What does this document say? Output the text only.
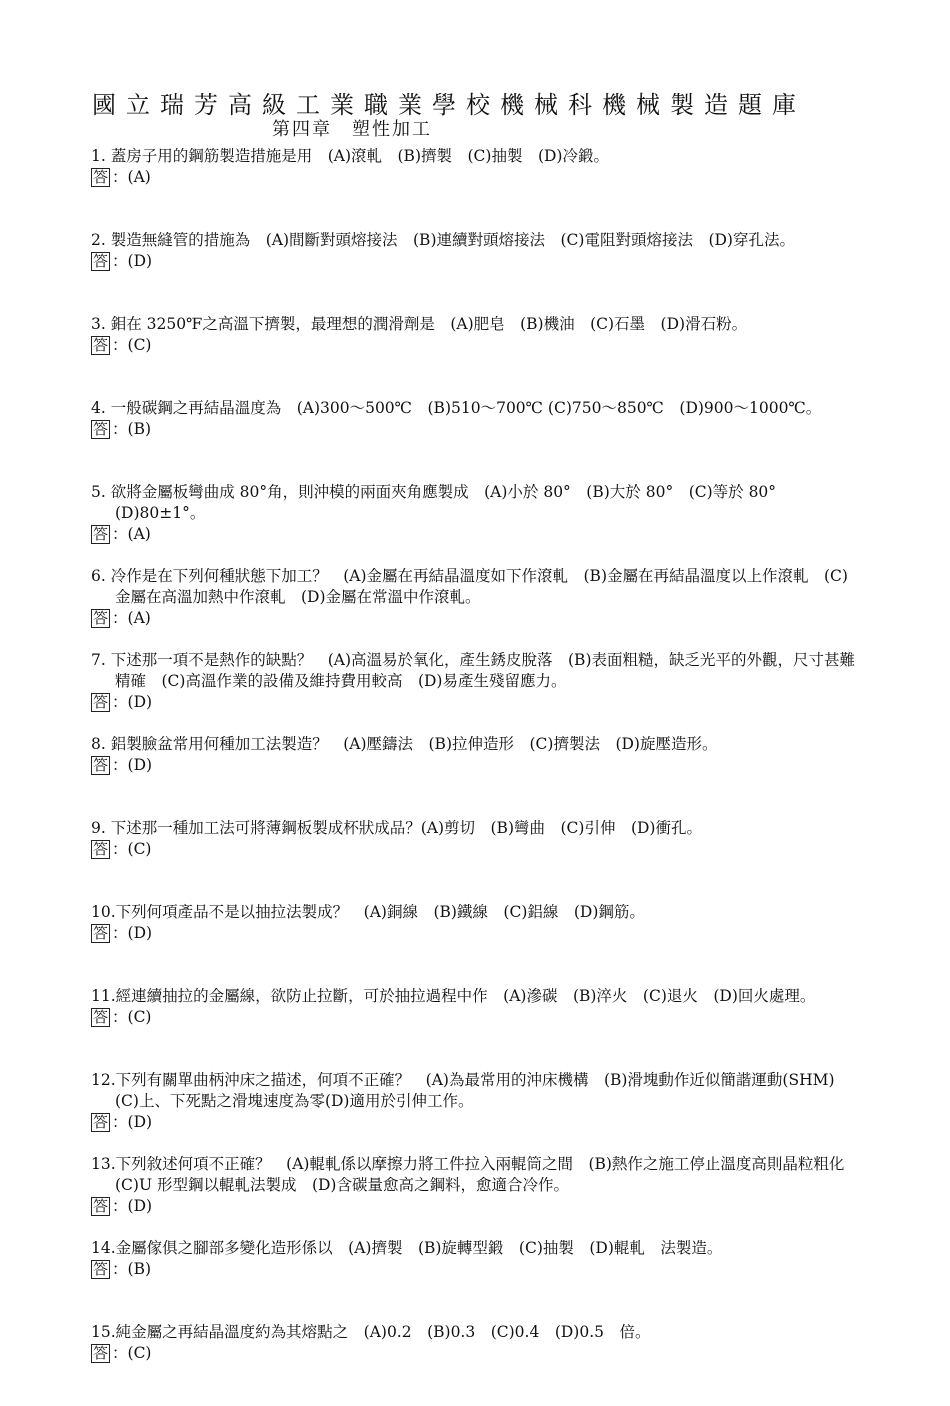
國立瑞芳高級工業職業學校機械科機械製造題庫
第四章　塑性加工
1. 蓋房子用的鋼筋製造措施是用　(A)滾軋　(B)擠製　(C)抽製　(D)冷鍛。
答 ：(A)
2. 製造無縫管的措施為　(A)間斷對頭熔接法　(B)連續對頭熔接法　(C)電阻對頭熔接法　(D)穿孔法。
答 ：(D)
3. 鉬在 3250℉之高溫下擠製，最理想的潤滑劑是　(A)肥皂　(B)機油　(C)石墨　(D)滑石粉。
答 ：(C)
4. 一般碳鋼之再結晶溫度為　(A)300～500℃　(B)510～700℃ (C)750～850℃　(D)900～1000℃。
答 ：(B)
5. 欲將金屬板彎曲成 80°角，則沖模的兩面夾角應製成　(A)小於 80°　(B)大於 80°　(C)等於 80°　(D)80±1°。
答 ：(A)
6. 冷作是在下列何種狀態下加工？　(A)金屬在再結晶溫度如下作滾軋　(B)金屬在再結晶溫度以上作滾軋　(C)金屬在高溫加熱中作滾軋　(D)金屬在常溫中作滾軋。
答 ：(A)
7. 下述那一項不是熱作的缺點？　(A)高溫易於氧化，產生銹皮脫落　(B)表面粗糙，缺乏光平的外觀，尺寸甚難精確　(C)高溫作業的設備及維持費用較高　(D)易產生殘留應力。
答 ：(D)
8. 鋁製臉盆常用何種加工法製造？　(A)壓鑄法　(B)拉伸造形　(C)擠製法　(D)旋壓造形。
答 ：(D)
9. 下述那一種加工法可將薄鋼板製成杯狀成品？(A)剪切　(B)彎曲　(C)引伸　(D)衝孔。
答 ：(C)
10.下列何項產品不是以抽拉法製成？　(A)銅線　(B)鐵線　(C)鋁線　(D)鋼筋。
答 ：(D)
11.經連續抽拉的金屬線，欲防止拉斷，可於抽拉過程中作　(A)滲碳　(B)淬火　(C)退火　(D)回火處理。
答 ：(C)
12.下列有關單曲柄沖床之描述，何項不正確？　(A)為最常用的沖床機構　(B)滑塊動作近似簡諧運動(SHM)　(C)上、下死點之滑塊速度為零(D)適用於引伸工作。
答 ：(D)
13.下列敘述何項不正確？　(A)輥軋係以摩擦力將工件拉入兩輥筒之間　(B)熱作之施工停止溫度高則晶粒粗化　(C)U 形型鋼以輥軋法製成　(D)含碳量愈高之鋼料，愈適合冷作。
答 ：(D)
14.金屬傢俱之腳部多變化造形係以　(A)擠製　(B)旋轉型鍛　(C)抽製　(D)輥軋　法製造。
答 ：(B)
15.純金屬之再結晶溫度約為其熔點之　(A)0.2　(B)0.3　(C)0.4　(D)0.5　倍。
答 ：(C)
